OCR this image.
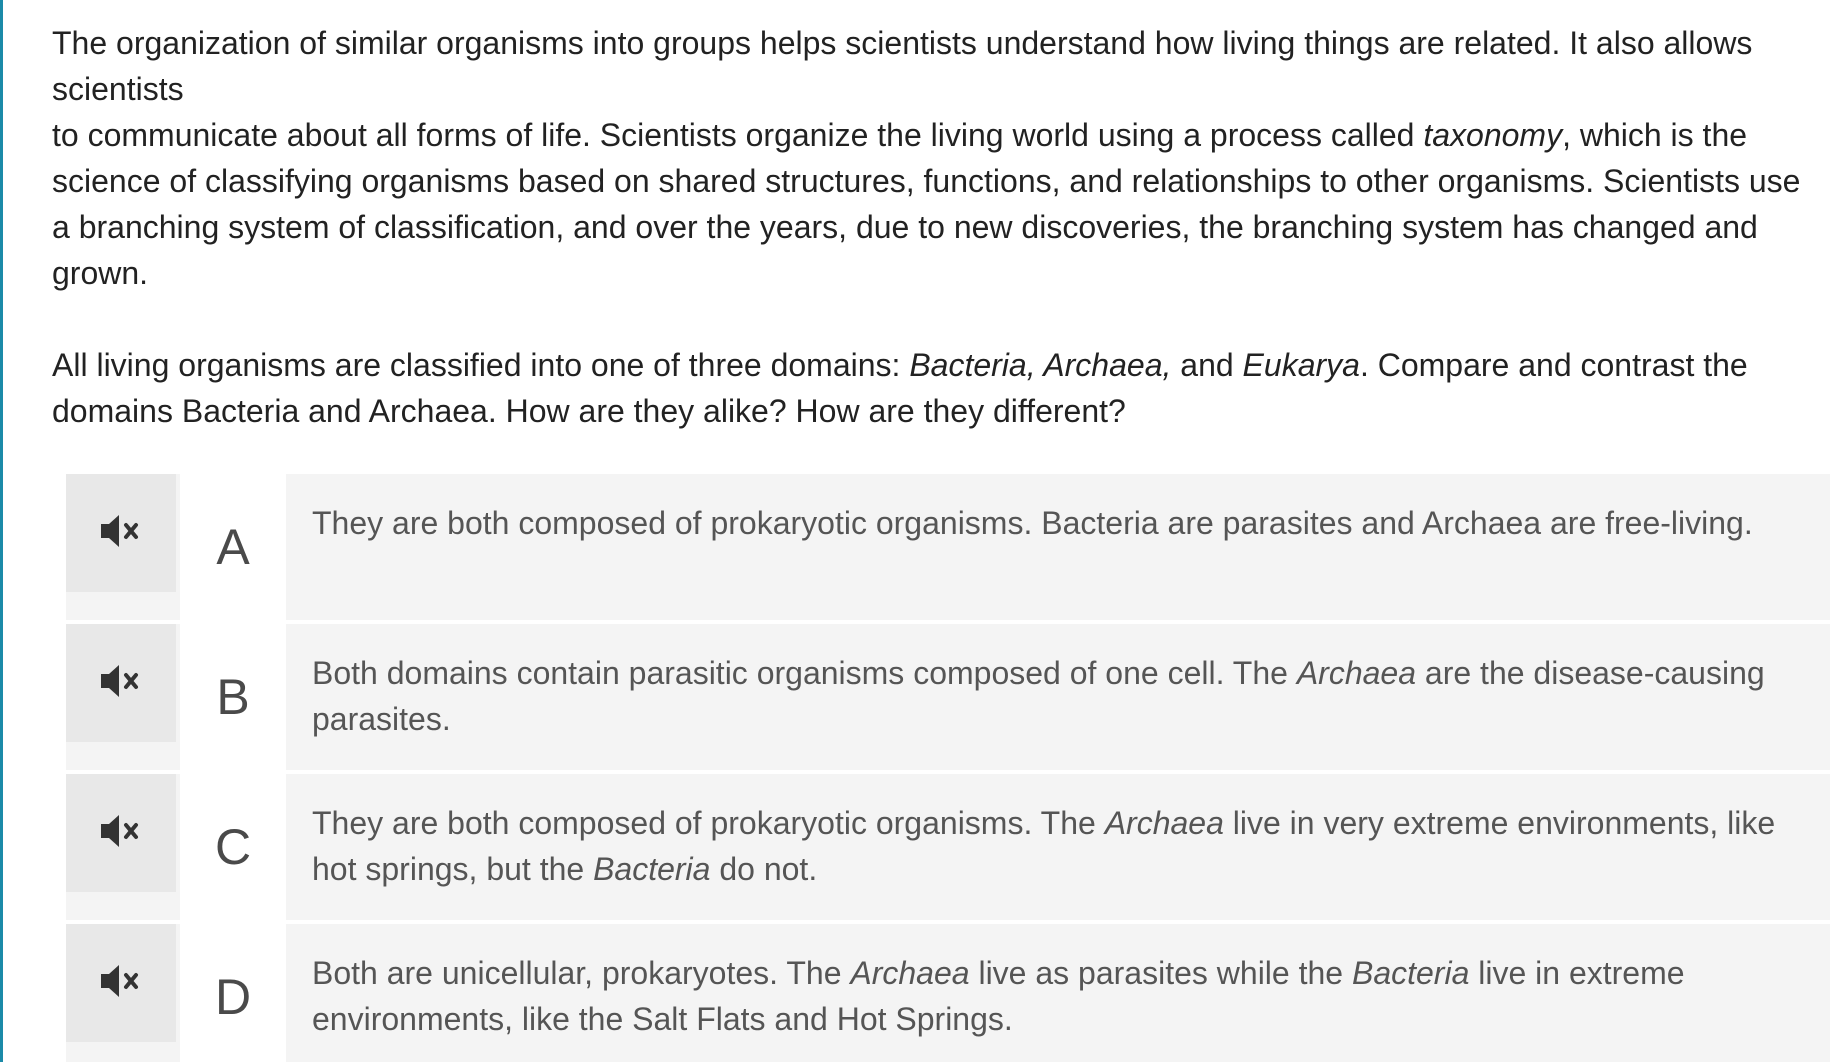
The organization of similar organisms into groups helps scientists understand how living things are related. It also allows scientists
to communicate about all forms of life. Scientists organize the living world using a process called taxonomy, which is the science of classifying organisms based on shared structures, functions, and relationships to other organisms. Scientists use a branching system of classification, and over the years, due to new discoveries, the branching system has changed and grown.

All living organisms are classified into one of three domains: Bacteria, Archaea, and Eukarya. Compare and contrast the domains Bacteria and Archaea. How are they alike? How are they different?

A	They are both composed of prokaryotic organisms. Bacteria are parasites and Archaea are free-living.
B	Both domains contain parasitic organisms composed of one cell. The Archaea are the disease-causing parasites.
C	They are both composed of prokaryotic organisms. The Archaea live in very extreme environments, like hot springs, but the Bacteria do not.
D	Both are unicellular, prokaryotes. The Archaea live as parasites while the Bacteria live in extreme environments, like the Salt Flats and Hot Springs.
